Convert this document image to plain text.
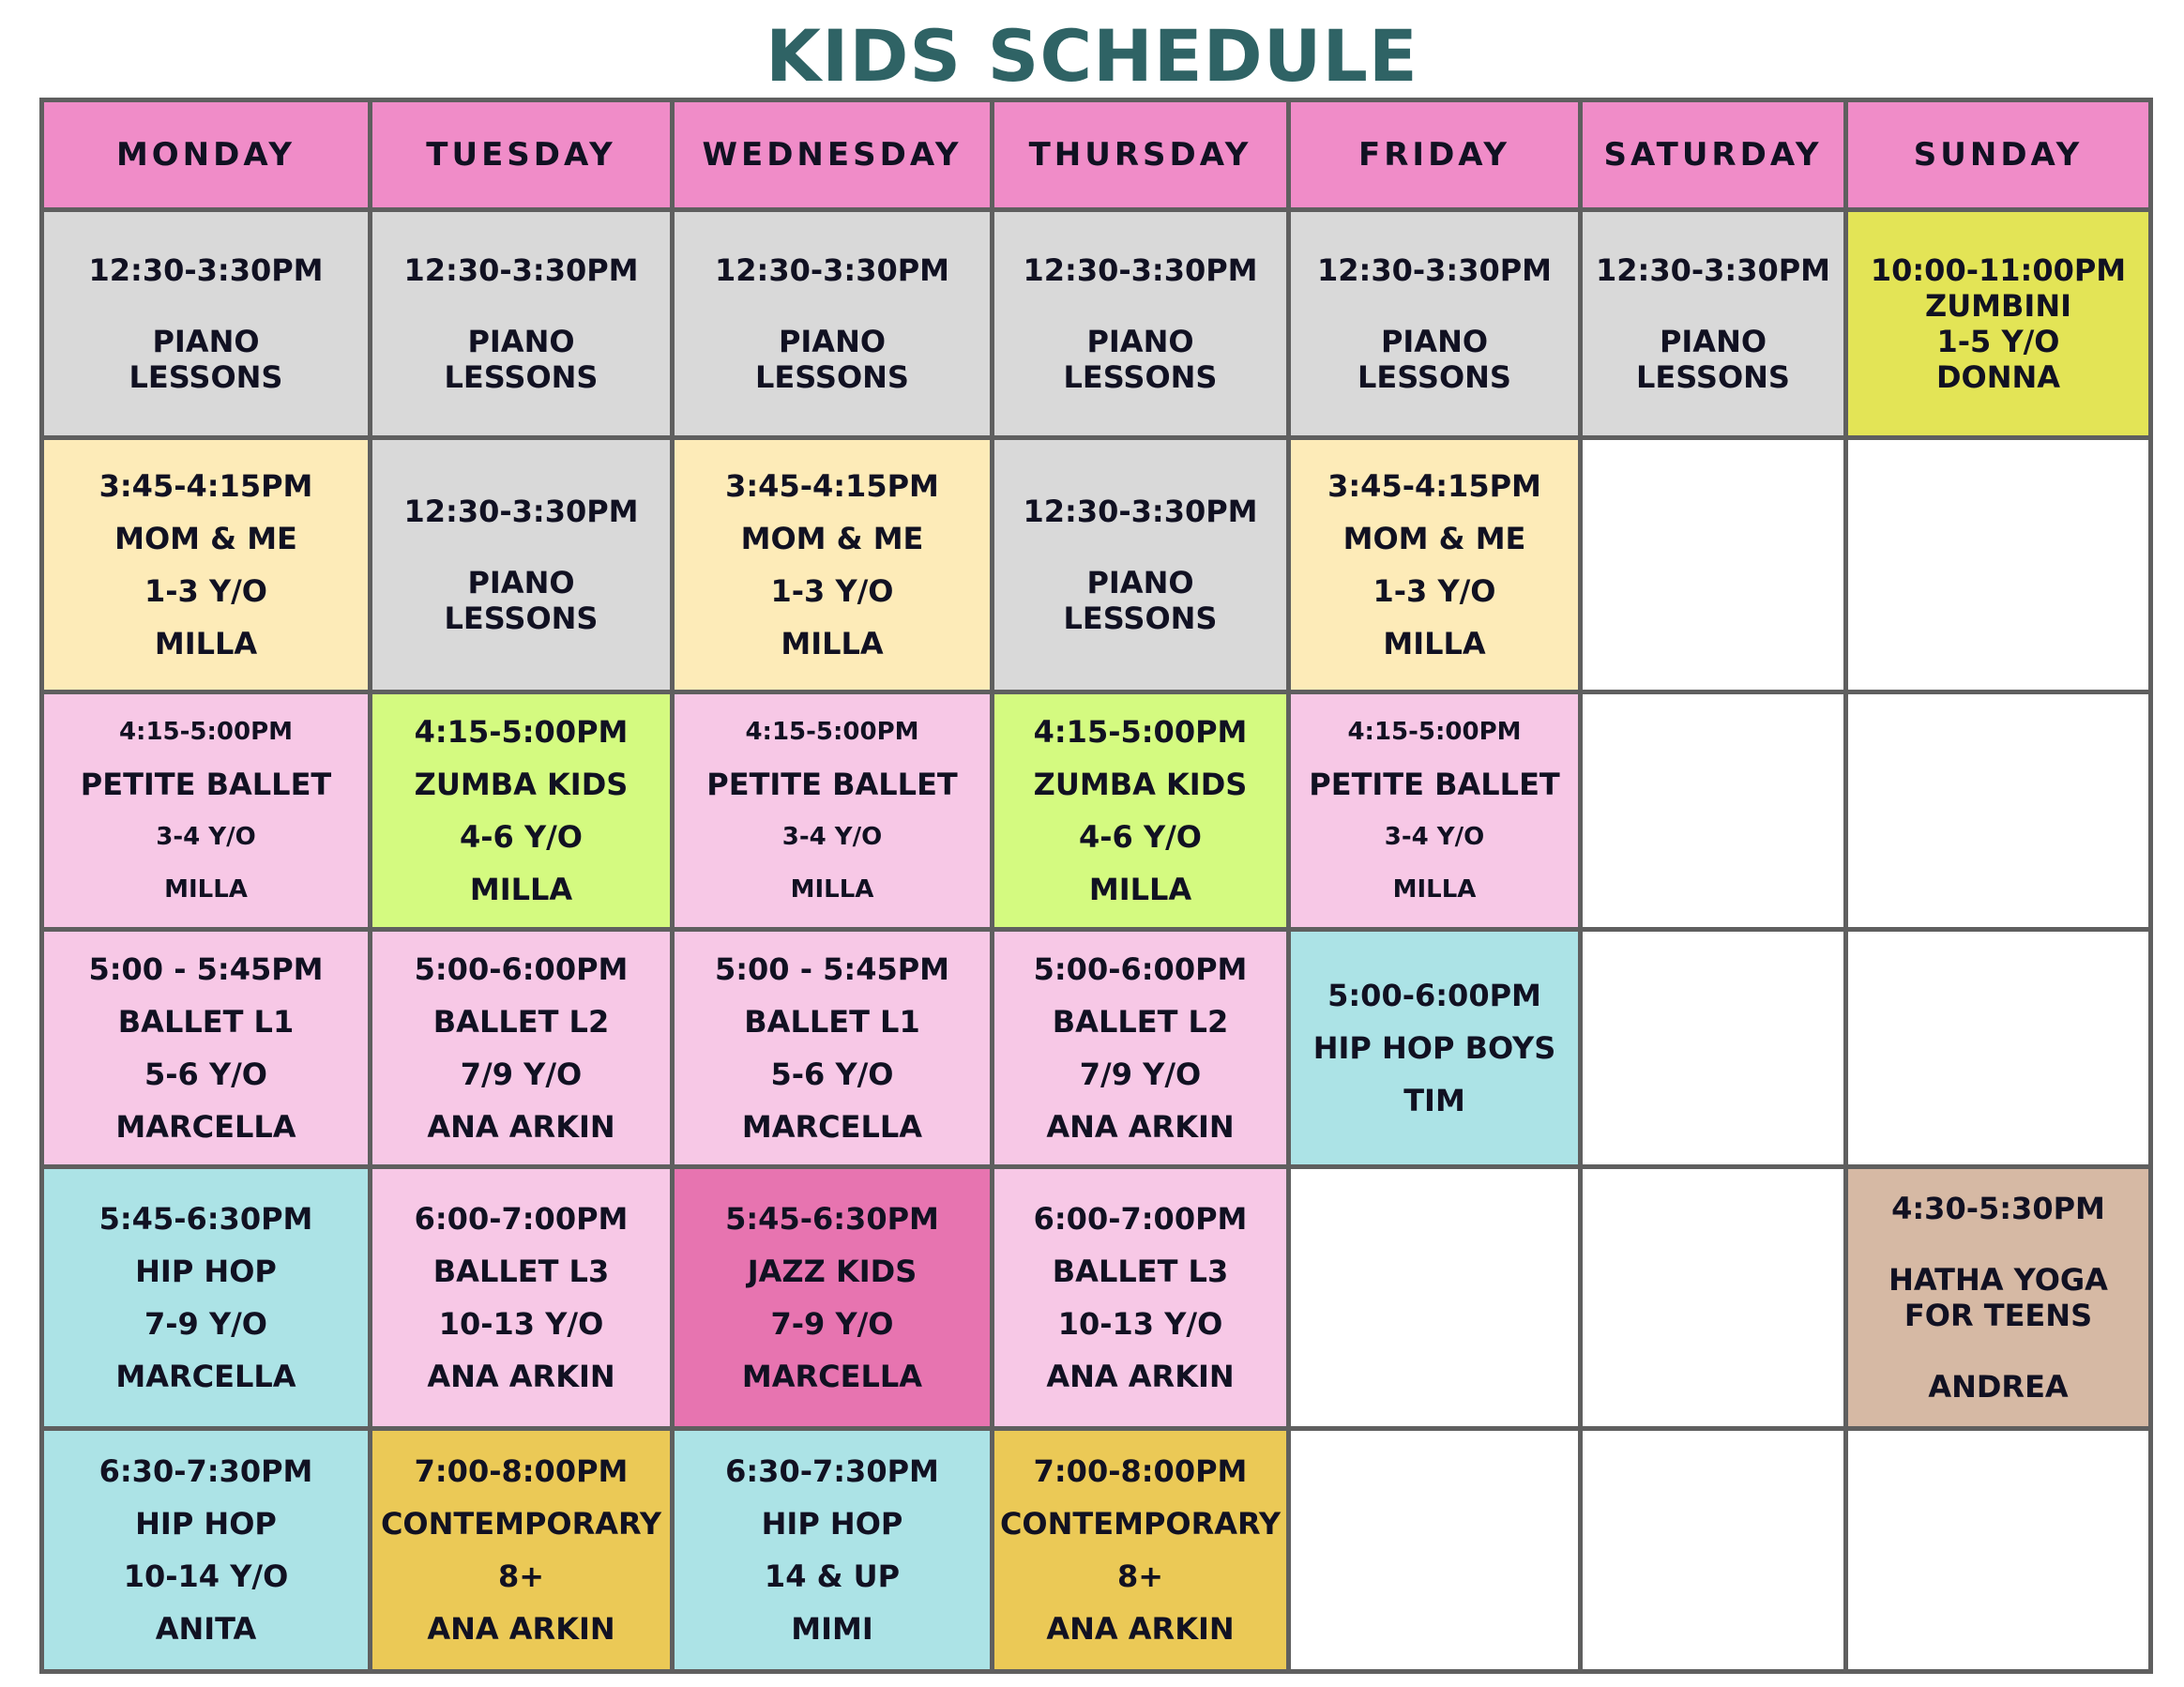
KIDS SCHEDULE
MONDAY	TUESDAY	WEDNESDAY	THURSDAY	FRIDAY	SATURDAY	SUNDAY

12:30-3:30PM

PIANO
LESSONS	12:30-3:30PM

PIANO
LESSONS	12:30-3:30PM

PIANO
LESSONS	12:30-3:30PM

PIANO
LESSONS	12:30-3:30PM

PIANO
LESSONS	12:30-3:30PM

PIANO
LESSONS	10:00-11:00PM
ZUMBINI
1-5 Y/O
DONNA

3:45-4:15PM
MOM & ME
1-3 Y/O
MILLA	12:30-3:30PM

PIANO
LESSONS	3:45-4:15PM
MOM & ME
1-3 Y/O
MILLA	12:30-3:30PM

PIANO
LESSONS	3:45-4:15PM
MOM & ME
1-3 Y/O
MILLA		

4:15-5:00PM
PETITE BALLET
3-4 Y/O
MILLA	4:15-5:00PM
ZUMBA KIDS
4-6 Y/O
MILLA	4:15-5:00PM
PETITE BALLET
3-4 Y/O
MILLA	4:15-5:00PM
ZUMBA KIDS
4-6 Y/O
MILLA	4:15-5:00PM
PETITE BALLET
3-4 Y/O
MILLA		

5:00 - 5:45PM
BALLET L1
5-6 Y/O
MARCELLA	5:00-6:00PM
BALLET L2
7/9 Y/O
ANA ARKIN	5:00 - 5:45PM
BALLET L1
5-6 Y/O
MARCELLA	5:00-6:00PM
BALLET L2
7/9 Y/O
ANA ARKIN	5:00-6:00PM
HIP HOP BOYS
TIM		

5:45-6:30PM
HIP HOP
7-9 Y/O
MARCELLA	6:00-7:00PM
BALLET L3
10-13 Y/O
ANA ARKIN	5:45-6:30PM
JAZZ KIDS
7-9 Y/O
MARCELLA	6:00-7:00PM
BALLET L3
10-13 Y/O
ANA ARKIN			4:30-5:30PM

HATHA YOGA
FOR TEENS

ANDREA

6:30-7:30PM
HIP HOP
10-14 Y/O
ANITA	7:00-8:00PM
CONTEMPORARY
8+
ANA ARKIN	6:30-7:30PM
HIP HOP
14 & UP
MIMI	7:00-8:00PM
CONTEMPORARY
8+
ANA ARKIN			
